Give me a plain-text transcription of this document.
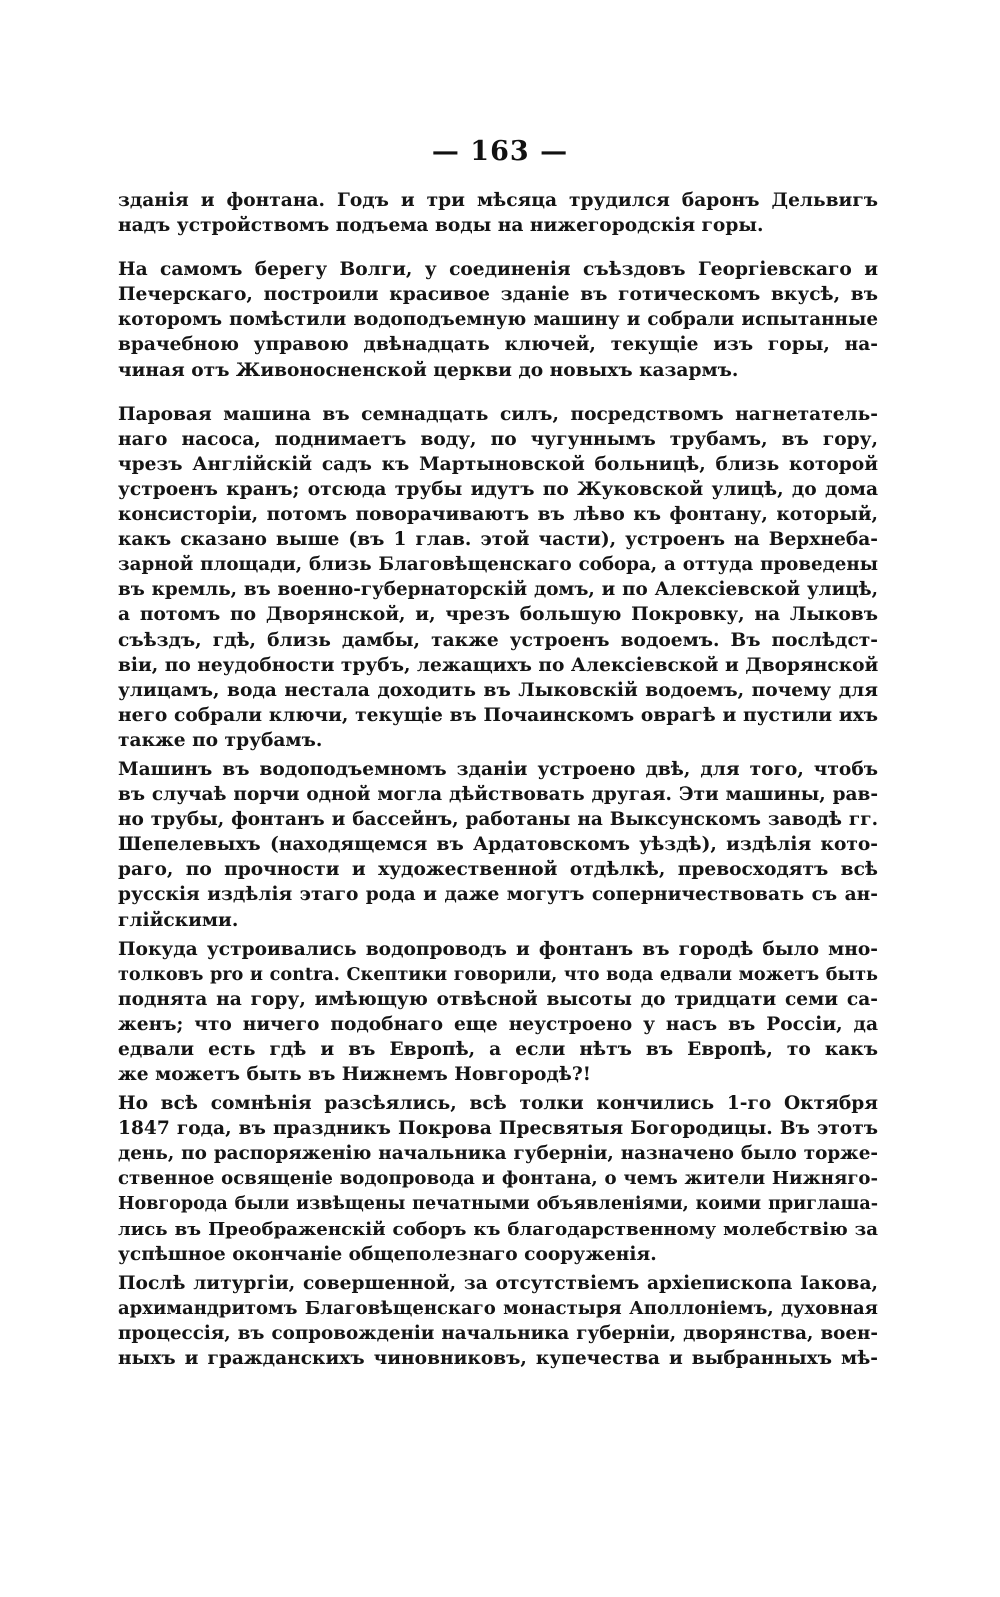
— 163 —
зданія и фонтана. Годъ и три мѣсяца трудился баронъ Дельвигъ
надъ устройствомъ подъема воды на нижегородскія горы.
На самомъ берегу Волги, у соединенія съѣздовъ Георгіевскаго и
Печерскаго, построили красивое зданіе въ готическомъ вкусѣ, въ
которомъ помѣстили водоподъемную машину и собрали испытанные
врачебною управою двѣнадцать ключей, текущіе изъ горы, на-
чиная отъ Живоносненской церкви до новыхъ казармъ.
Паровая машина въ семнадцать силъ, посредствомъ нагнетатель-
наго насоса, поднимаетъ воду, по чугуннымъ трубамъ, въ гору,
чрезъ Англійскій садъ къ Мартыновской больницѣ, близь которой
устроенъ кранъ; отсюда трубы идутъ по Жуковской улицѣ, до дома
консисторіи, потомъ поворачиваютъ въ лѣво къ фонтану, который,
какъ сказано выше (въ 1 глав. этой части), устроенъ на Верхнеба-
зарной площади, близь Благовѣщенскаго собора, а оттуда проведены
въ кремль, въ военно-губернаторскій домъ, и по Алексіевской улицѣ,
а потомъ по Дворянской, и, чрезъ большую Покровку, на Лыковъ
съѣздъ, гдѣ, близь дамбы, также устроенъ водоемъ. Въ послѣдст-
віи, по неудобности трубъ, лежащихъ по Алексіевской и Дворянской
улицамъ, вода нестала доходить въ Лыковскій водоемъ, почему для
него собрали ключи, текущіе въ Почаинскомъ оврагѣ и пустили ихъ
также по трубамъ.
Машинъ въ водоподъемномъ зданіи устроено двѣ, для того, чтобъ
въ случаѣ порчи одной могла дѣйствовать другая. Эти машины, рав-
но трубы, фонтанъ и бассейнъ, работаны на Выксунскомъ заводѣ гг.
Шепелевыхъ (находящемся въ Ардатовскомъ уѣздѣ), издѣлія кото-
раго, по прочности и художественной отдѣлкѣ, превосходятъ всѣ
русскія издѣлія этаго рода и даже могутъ соперничествовать съ ан-
глійскими.
Покуда устроивались водопроводъ и фонтанъ въ городѣ было мно-
толковъ pro и contra. Скептики говорили, что вода едвали можетъ быть
поднята на гору, имѣющую отвѣсной высоты до тридцати семи са-
женъ; что ничего подобнаго еще неустроено у насъ въ Россіи, да
едвали есть гдѣ и въ Европѣ, а если нѣтъ въ Европѣ, то какъ
же можетъ быть въ Нижнемъ Новгородѣ?!
Но всѣ сомнѣнія разсѣялись, всѣ толки кончились 1-го Октября
1847 года, въ праздникъ Покрова Пресвятыя Богородицы. Въ этотъ
день, по распоряженію начальника губерніи, назначено было торже-
ственное освященіе водопровода и фонтана, о чемъ жители Нижняго-
Новгорода были извѣщены печатными объявленіями, коими приглаша-
лись въ Преображенскій соборъ къ благодарственному молебствію за
успѣшное окончаніе общеполезнаго сооруженія.
Послѣ литургіи, совершенной, за отсутствіемъ архіепископа Іакова,
архимандритомъ Благовѣщенскаго монастыря Аполлоніемъ, духовная
процессія, въ сопровожденіи начальника губерніи, дворянства, воен-
ныхъ и гражданскихъ чиновниковъ, купечества и выбранныхъ мѣ-
